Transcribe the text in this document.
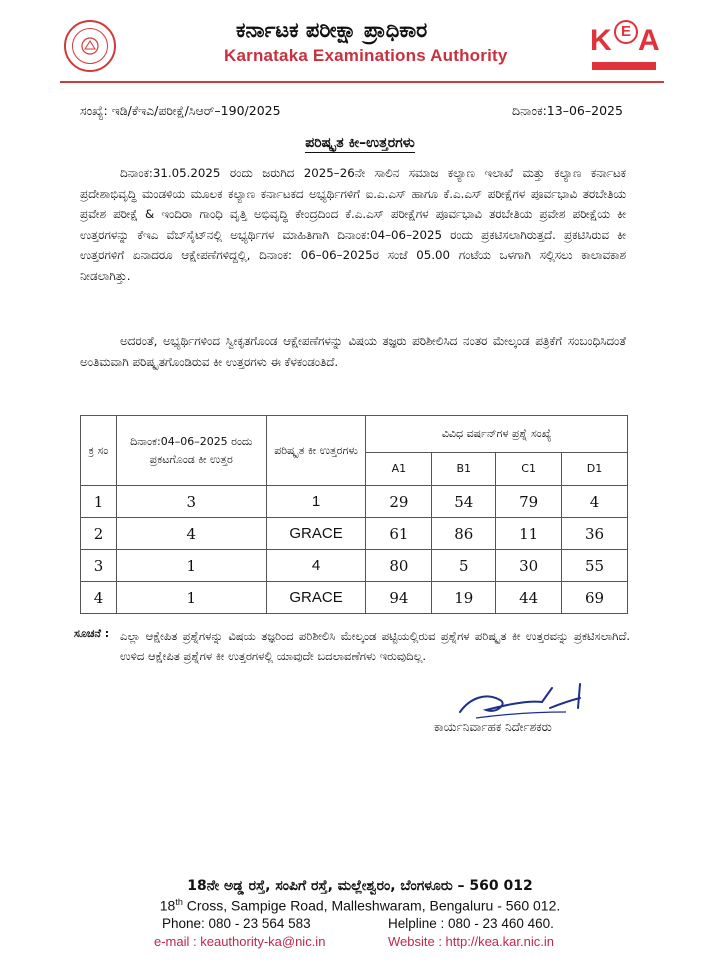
ಕರ್ನಾಟಕ ಪರೀಕ್ಷಾ ಪ್ರಾಧಿಕಾರ
Karnataka Examinations Authority	K E A
ಸಂಖ್ಯೆ: ಇಡಿ/ಕೆಇಎ/ಪರೀಕ್ಷೆ/ಸಿಆರ್–190/2025	ದಿನಾಂಕ:13–06–2025
ಪರಿಷ್ಕೃತ ಕೀ–ಉತ್ತರಗಳು
ದಿನಾಂಕ:31.05.2025 ರಂದು ಜರುಗಿದ 2025–26ನೇ ಸಾಲಿನ ಸಮಾಜ ಕಲ್ಯಾಣ ಇಲಾಖೆ ಮತ್ತು ಕಲ್ಯಾಣ ಕರ್ನಾಟಕ ಪ್ರದೇಶಾಭಿವೃದ್ಧಿ ಮಂಡಳಿಯ ಮೂಲಕ ಕಲ್ಯಾಣ ಕರ್ನಾಟಕದ ಅಭ್ಯರ್ಥಿಗಳಿಗೆ ಐ.ಎ.ಎಸ್ ಹಾಗೂ ಕೆ.ಎ.ಎಸ್ ಪರೀಕ್ಷೆಗಳ ಪೂರ್ವಭಾವಿ ತರಬೇತಿಯ ಪ್ರವೇಶ ಪರೀಕ್ಷೆ & ಇಂದಿರಾ ಗಾಂಧಿ ವೃತ್ತಿ ಅಭಿವೃದ್ಧಿ ಕೇಂದ್ರದಿಂದ ಕೆ.ಎ.ಎಸ್ ಪರೀಕ್ಷೆಗಳ ಪೂರ್ವಭಾವಿ ತರಬೇತಿಯ ಪ್ರವೇಶ ಪರೀಕ್ಷೆಯ ಕೀ ಉತ್ತರಗಳನ್ನು ಕೆಇಎ ವೆಬ್‌ಸೈಟ್‌ನಲ್ಲಿ ಅಭ್ಯರ್ಥಿಗಳ ಮಾಹಿತಿಗಾಗಿ ದಿನಾಂಕ:04–06–2025 ರಂದು ಪ್ರಕಟಿಸಲಾಗಿರುತ್ತದೆ. ಪ್ರಕಟಿಸಿರುವ ಕೀ ಉತ್ತರಗಳಿಗೆ ಏನಾದರೂ ಆಕ್ಷೇಪಣೆಗಳಿದ್ದಲ್ಲಿ, ದಿನಾಂಕ: 06–06–2025ರ ಸಂಜೆ 05.00 ಗಂಟೆಯ ಒಳಗಾಗಿ ಸಲ್ಲಿಸಲು ಕಾಲಾವಕಾಶ ನೀಡಲಾಗಿತ್ತು.
ಅದರಂತೆ, ಅಭ್ಯರ್ಥಿಗಳಿಂದ ಸ್ವೀಕೃತಗೊಂಡ ಆಕ್ಷೇಪಣೆಗಳನ್ನು ವಿಷಯ ತಜ್ಞರು ಪರಿಶೀಲಿಸಿದ ನಂತರ ಮೇಲ್ಕಂಡ ಪತ್ರಿಕೆಗೆ ಸಂಬಂಧಿಸಿದಂತೆ ಅಂತಿಮವಾಗಿ ಪರಿಷ್ಕೃತಗೊಂಡಿರುವ ಕೀ ಉತ್ತರಗಳು ಈ ಕೆಳಕಂಡಂತಿದೆ.
ಕ್ರ ಸಂ	ದಿನಾಂಕ:04–06–2025 ರಂದು ಪ್ರಕಟಗೊಂಡ ಕೀ ಉತ್ತರ	ಪರಿಷ್ಕೃತ ಕೀ ಉತ್ತರಗಳು	ವಿವಿಧ ವರ್ಷನ್‌ಗಳ ಪ್ರಶ್ನೆ ಸಂಖ್ಯೆ			
			A1	B1	C1	D1
1	3	1	29	54	79	4
2	4	GRACE	61	86	11	36
3	1	4	80	5	30	55
4	1	GRACE	94	19	44	69
ಸೂಚನೆ : ಎಲ್ಲಾ ಆಕ್ಷೇಪಿತ ಪ್ರಶ್ನೆಗಳನ್ನು ವಿಷಯ ತಜ್ಞರಿಂದ ಪರಿಶೀಲಿಸಿ ಮೇಲ್ಕಂಡ ಪಟ್ಟಿಯಲ್ಲಿರುವ ಪ್ರಶ್ನೆಗಳ ಪರಿಷ್ಕೃತ ಕೀ ಉತ್ತರವನ್ನು ಪ್ರಕಟಿಸಲಾಗಿದೆ. ಉಳಿದ ಆಕ್ಷೇಪಿತ ಪ್ರಶ್ನೆಗಳ ಕೀ ಉತ್ತರಗಳಲ್ಲಿ ಯಾವುದೇ ಬದಲಾವಣೆಗಳು ಇರುವುದಿಲ್ಲ.
ಕಾರ್ಯನಿರ್ವಾಹಕ ನಿರ್ದೇಶಕರು
18ನೇ ಅಡ್ಡ ರಸ್ತೆ, ಸಂಪಿಗೆ ರಸ್ತೆ, ಮಲ್ಲೇಶ್ವರಂ, ಬೆಂಗಳೂರು – 560 012
18th Cross, Sampige Road, Malleshwaram, Bengaluru - 560 012.
Phone: 080 - 23 564 583	Helpline : 080 - 23 460 460.
e-mail : keauthority-ka@nic.in	Website : http://kea.kar.nic.in
